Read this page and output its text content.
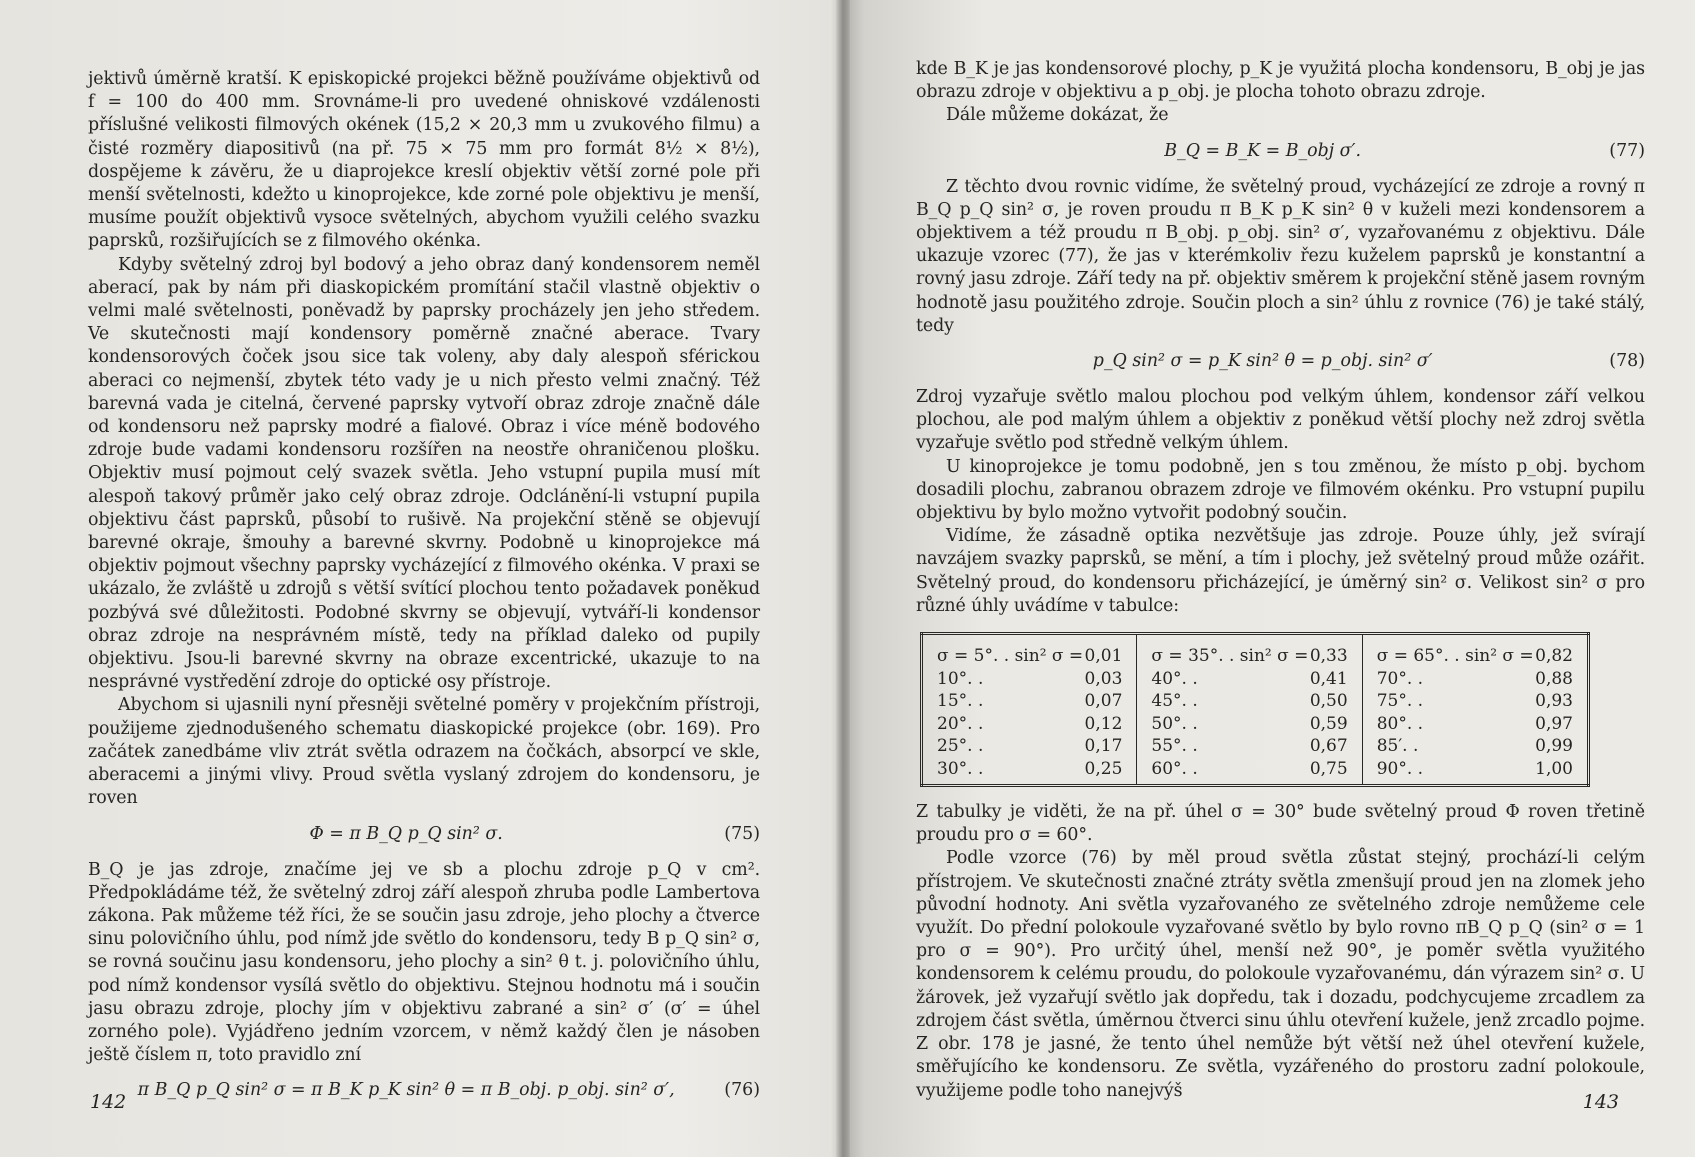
jektivů úměrně kratší. K episkopické projekci běžně používáme objektivů od f = 100 do 400 mm. Srovnáme-li pro uvedené ohniskové vzdálenosti příslušné velikosti filmových okének (15,2 × 20,3 mm u zvukového filmu) a čisté rozměry diapositivů (na př. 75 × 75 mm pro formát 8½ × 8½), dospějeme k závěru, že u diaprojekce kreslí objektiv větší zorné pole při menší světelnosti, kdežto u kinoprojekce, kde zorné pole objektivu je menší, musíme použít objektivů vysoce světelných, abychom využili celého svazku paprsků, rozšiřujících se z filmového okénka.

Kdyby světelný zdroj byl bodový a jeho obraz daný kondensorem neměl aberací, pak by nám při diaskopickém promítání stačil vlastně objektiv o velmi malé světelnosti, poněvadž by paprsky procházely jen jeho středem. Ve skutečnosti mají kondensory poměrně značné aberace. Tvary kondensorových čoček jsou sice tak voleny, aby daly alespoň sférickou aberaci co nejmenší, zbytek této vady je u nich přesto velmi značný. Též barevná vada je citelná, červené paprsky vytvoří obraz zdroje značně dále od kondensoru než paprsky modré a fialové. Obraz i více méně bodového zdroje bude vadami kondensoru rozšířen na neostře ohraničenou plošku. Objektiv musí pojmout celý svazek světla. Jeho vstupní pupila musí mít alespoň takový průměr jako celý obraz zdroje. Odclánění-li vstupní pupila objektivu část paprsků, působí to rušivě. Na projekční stěně se objevují barevné okraje, šmouhy a barevné skvrny. Podobně u kinoprojekce má objektiv pojmout všechny paprsky vycházející z filmového okénka. V praxi se ukázalo, že zvláště u zdrojů s větší svítící plochou tento požadavek poněkud pozbývá své důležitosti. Podobné skvrny se objevují, vytváří-li kondensor obraz zdroje na nesprávném místě, tedy na příklad daleko od pupily objektivu. Jsou-li barevné skvrny na obraze excentrické, ukazuje to na nesprávné vystředění zdroje do optické osy přístroje.

Abychom si ujasnili nyní přesněji světelné poměry v projekčním přístroji, použijeme zjednodušeného schematu diaskopické projekce (obr. 169). Pro začátek zanedbáme vliv ztrát světla odrazem na čočkách, absorpcí ve skle, aberacemi a jinými vlivy. Proud světla vyslaný zdrojem do kondensoru, je roven

Φ = π B_Q p_Q sin² σ.	(75)

B_Q je jas zdroje, značíme jej ve sb a plochu zdroje p_Q v cm². Předpokládáme též, že světelný zdroj září alespoň zhruba podle Lambertova zákona. Pak můžeme též říci, že se součin jasu zdroje, jeho plochy a čtverce sinu polovičního úhlu, pod nímž jde světlo do kondensoru, tedy B p_Q sin² σ, se rovná součinu jasu kondensoru, jeho plochy a sin² θ t. j. polovičního úhlu, pod nímž kondensor vysílá světlo do objektivu. Stejnou hodnotu má i součin jasu obrazu zdroje, plochy jím v objektivu zabrané a sin² σ′ (σ′ = úhel zorného pole). Vyjádřeno jedním vzorcem, v němž každý člen je násoben ještě číslem π, toto pravidlo zní

π B_Q p_Q sin² σ = π B_K p_K sin² θ = π B_obj. p_obj. sin² σ′,	(76)
142

kde B_K je jas kondensorové plochy, p_K je využitá plocha kondensoru, B_obj je jas obrazu zdroje v objektivu a p_obj. je plocha tohoto obrazu zdroje.

Dále můžeme dokázat, že

B_Q = B_K = B_obj σ′.	(77)

Z těchto dvou rovnic vidíme, že světelný proud, vycházející ze zdroje a rovný π B_Q p_Q sin² σ, je roven proudu π B_K p_K sin² θ v kuželi mezi kondensorem a objektivem a též proudu π B_obj. p_obj. sin² σ′, vyzařovanému z objektivu. Dále ukazuje vzorec (77), že jas v kterémkoliv řezu kuželem paprsků je konstantní a rovný jasu zdroje. Září tedy na př. objektiv směrem k projekční stěně jasem rovným hodnotě jasu použitého zdroje. Součin ploch a sin² úhlu z rovnice (76) je také stálý, tedy

p_Q sin² σ = p_K sin² θ = p_obj. sin² σ′	(78)

Zdroj vyzařuje světlo malou plochou pod velkým úhlem, kondensor září velkou plochou, ale pod malým úhlem a objektiv z poněkud větší plochy než zdroj světla vyzařuje světlo pod středně velkým úhlem.

U kinoprojekce je tomu podobně, jen s tou změnou, že místo p_obj. bychom dosadili plochu, zabranou obrazem zdroje ve filmovém okénku. Pro vstupní pupilu objektivu by bylo možno vytvořit podobný součin.

Vidíme, že zásadně optika nezvětšuje jas zdroje. Pouze úhly, jež svírají navzájem svazky paprsků, se mění, a tím i plochy, jež světelný proud může ozářit. Světelný proud, do kondensoru přicházející, je úměrný sin² σ. Velikost sin² σ pro různé úhly uvádíme v tabulce:

σ = 5°. . sin² σ = 0,01
10°. .	0,03
15°. .	0,07
20°. .	0,12
25°. .	0,17
30°. .	0,25

σ = 35°. . sin² σ = 0,33
40°. .	0,41
45°. .	0,50
50°. .	0,59
55°. .	0,67
60°. .	0,75

σ = 65°. . sin² σ = 0,82
70°. .	0,88
75°. .	0,93
80°. .	0,97
85′. .	0,99
90°. .	1,00

Z tabulky je viděti, že na př. úhel σ = 30° bude světelný proud Φ roven třetině proudu pro σ = 60°.

Podle vzorce (76) by měl proud světla zůstat stejný, prochází-li celým přístrojem. Ve skutečnosti značné ztráty světla zmenšují proud jen na zlomek jeho původní hodnoty. Ani světla vyzařovaného ze světelného zdroje nemůžeme cele využít. Do přední polokoule vyzařované světlo by bylo rovno πB_Q p_Q (sin² σ = 1 pro σ = 90°). Pro určitý úhel, menší než 90°, je poměr světla využitého kondensorem k celému proudu, do polokoule vyzařovanému, dán výrazem sin² σ. U žárovek, jež vyzařují světlo jak dopředu, tak i dozadu, podchycujeme zrcadlem za zdrojem část světla, úměrnou čtverci sinu úhlu otevření kužele, jenž zrcadlo pojme. Z obr. 178 je jasné, že tento úhel nemůže být větší než úhel otevření kužele, směřujícího ke kondensoru. Ze světla, vyzářeného do prostoru zadní polokoule, využijeme podle toho nanejvýš

143
